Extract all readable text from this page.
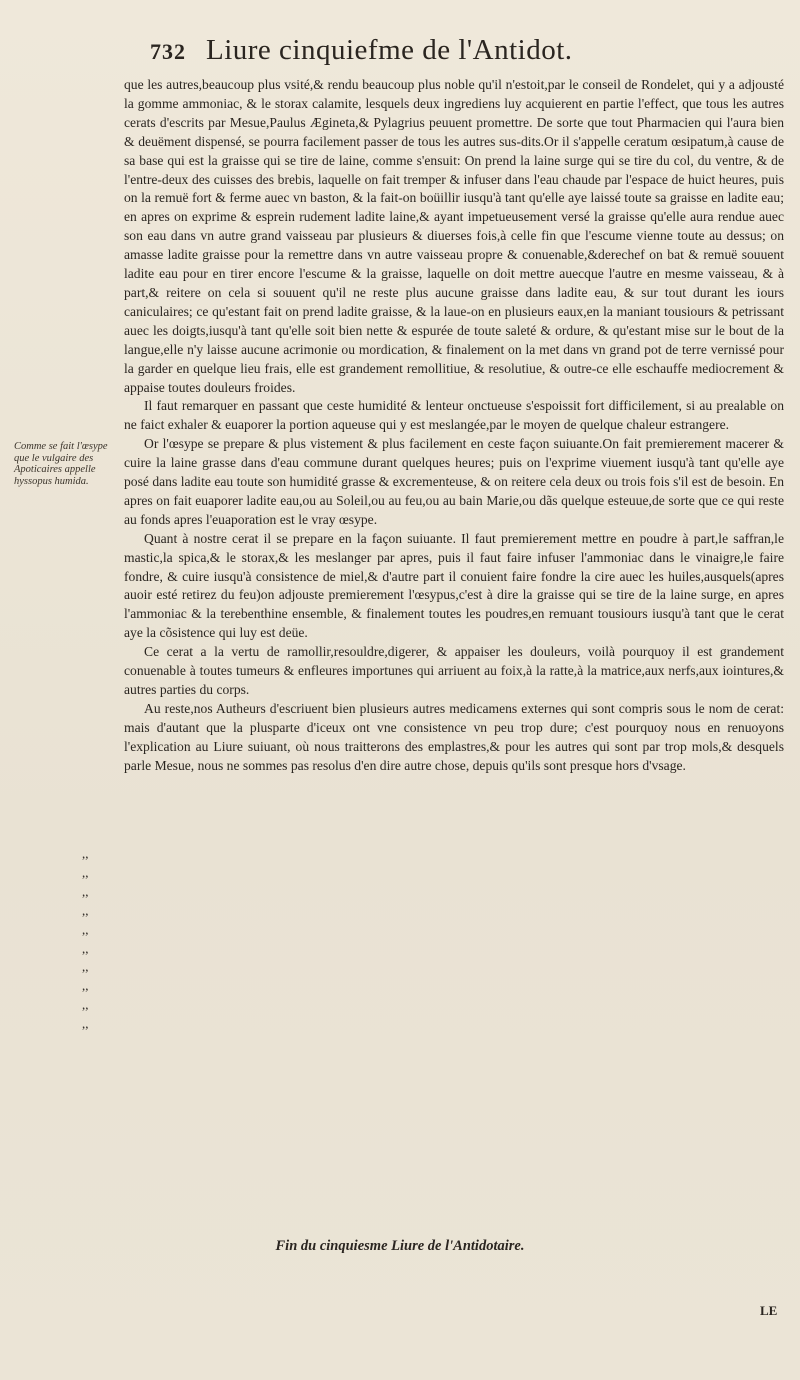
732 Liure cinquiefme de l'Antidot.
Comme se fait l'œsype que le vulgaire des Apoticaires appelle hyssopus humida.
,,
,,
,,
,,
,,
,,
,,
,,
,,
,,

que les autres,beaucoup plus vsité,& rendu beaucoup plus noble qu'il n'estoit,par le conseil de Rondelet, qui y a adjousté la gomme ammoniac, & le storax calamite, lesquels deux ingrediens luy acquierent en partie l'effect, que tous les autres cerats d'escrits par Mesue,Paulus Æginetа,& Pylagrius peuuent promettre. De sorte que tout Pharmacien qui l'aura bien & deuëment dispensé, se pourra facilement passer de tous les autres sus-dits.Or il s'appelle ceratum œsipatum,à cause de sa base qui est la graisse qui se tire de laine, comme s'ensuit: On prend la laine surge qui se tire du col, du ventre, & de l'entre-deux des cuisses des brebis, laquelle on fait tremper & infuser dans l'eau chaude par l'espace de huict heures, puis on la remuë fort & ferme auec vn baston, & la fait-on boüillir iusqu'à tant qu'elle aye laissé toute sa graisse en ladite eau; en apres on exprime & esprein rudement ladite laine,& ayant impetueusement versé la graisse qu'elle aura rendue auec son eau dans vn autre grand vaisseau par plusieurs & diuerses fois,à celle fin que l'escume vienne toute au dessus; on amasse ladite graisse pour la remettre dans vn autre vaisseau propre & conuenable,&derechef on bat & remuë souuent ladite eau pour en tirer encore l'escume & la graisse, laquelle on doit mettre auecque l'autre en mesme vaisseau, & à part,& reitere on cela si souuent qu'il ne reste plus aucune graisse dans ladite eau, & sur tout durant les iours caniculaires; ce qu'estant fait on prend ladite graisse, & la laue-on en plusieurs eaux,en la maniant tousiours & petrissant auec les doigts,iusqu'à tant qu'elle soit bien nette & espurée de toute saleté & ordure, & qu'estant mise sur le bout de la langue,elle n'y laisse aucune acrimonie ou mordication, & finalement on la met dans vn grand pot de terre vernissé pour la garder en quelque lieu frais, elle est grandement remollitiue, & resolutiue, & outre-ce elle eschauffe mediocrement & appaise toutes douleurs froides.

Il faut remarquer en passant que ceste humidité & lenteur onctueuse s'espoissit fort difficilement, si au prealable on ne faict exhaler & euaporer la portion aqueuse qui y est meslangée,par le moyen de quelque chaleur estrangere.

Or l'œsype se prepare & plus vistement & plus facilement en ceste façon suiuante.On fait premierement macerer & cuire la laine grasse dans d'eau commune durant quelques heures; puis on l'exprime viuement iusqu'à tant qu'elle aye posé dans ladite eau toute son humidité grasse & excrementeuse, & on reitere cela deux ou trois fois s'il est de besoin. En apres on fait euaporer ladite eau,ou au Soleil,ou au feu,ou au bain Marie,ou dãs quelque esteuue,de sorte que ce qui reste au fonds apres l'euaporation est le vray œsype.

Quant à nostre cerat il se prepare en la façon suiuante. Il faut premierement mettre en poudre à part,le saffran,le mastic,la spica,& le storax,& les meslanger par apres, puis il faut faire infuser l'ammoniac dans le vinaigre,le faire fondre, & cuire iusqu'à consistence de miel,& d'autre part il conuient faire fondre la cire auec les huiles,ausquels(apres auoir esté retirez du feu)on adjouste premierement l'œsypus,c'est à dire la graisse qui se tire de la laine surge, en apres l'ammoniac & la terebenthine ensemble, & finalement toutes les poudres,en remuant tousiours iusqu'à tant que le cerat aye la cõsistence qui luy est deüe.

Ce cerat a la vertu de ramollir,resouldre,digerer, & appaiser les douleurs, voilà pourquoy il est grandement conuenable à toutes tumeurs & enfleures importunes qui arriuent au foix,à la ratte,à la matrice,aux nerfs,aux iointures,& autres parties du corps.

Au reste,nos Autheurs d'escriuent bien plusieurs autres medicamens externes qui sont compris sous le nom de cerat: mais d'autant que la plusparte d'iceux ont vne consistence vn peu trop dure; c'est pourquoy nous en renuoyons l'explication au Liure suiuant, où nous traitterons des emplastres,& pour les autres qui sont par trop mols,& desquels parle Mesue, nous ne sommes pas resolus d'en dire autre chose, depuis qu'ils sont presque hors d'vsage.

Fin du cinquiesme Liure de l'Antidotaire.
LE
